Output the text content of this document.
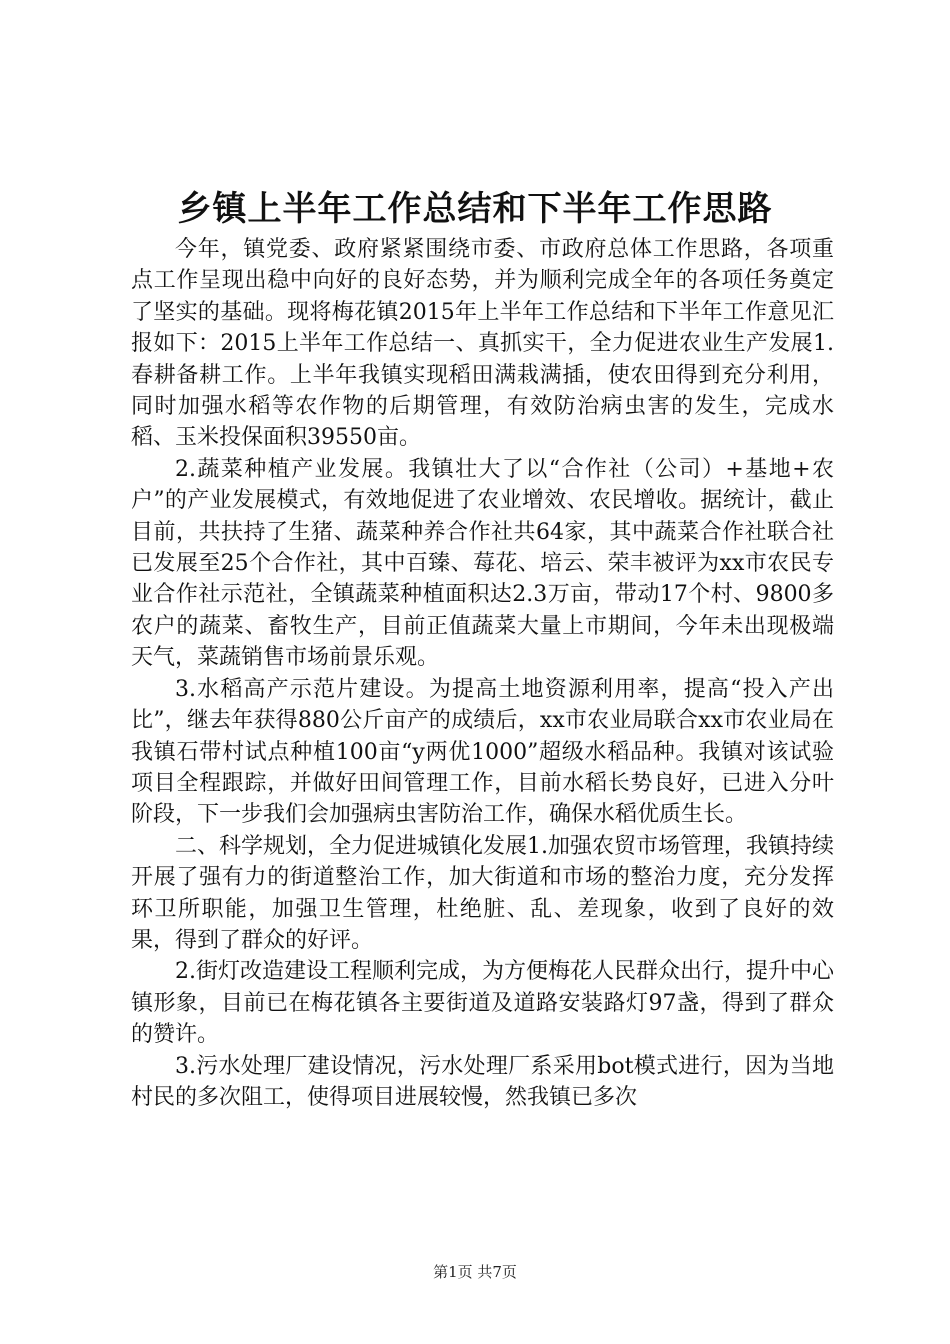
乡镇上半年工作总结和下半年工作思路

今年，镇党委、政府紧紧围绕市委、市政府总体工作思路，各项重点工作呈现出稳中向好的良好态势，并为顺利完成全年的各项任务奠定了坚实的基础。现将梅花镇2015年上半年工作总结和下半年工作意见汇报如下：2015上半年工作总结一、真抓实干，全力促进农业生产发展1.春耕备耕工作。上半年我镇实现稻田满栽满插，使农田得到充分利用，同时加强水稻等农作物的后期管理，有效防治病虫害的发生，完成水稻、玉米投保面积39550亩。

2.蔬菜种植产业发展。我镇壮大了以“合作社（公司）+基地+农户”的产业发展模式，有效地促进了农业增效、农民增收。据统计，截止目前，共扶持了生猪、蔬菜种养合作社共64家，其中蔬菜合作社联合社已发展至25个合作社，其中百臻、莓花、培云、荣丰被评为xx市农民专业合作社示范社，全镇蔬菜种植面积达2.3万亩，带动17个村、9800多农户的蔬菜、畜牧生产，目前正值蔬菜大量上市期间，今年未出现极端天气，菜蔬销售市场前景乐观。

3.水稻高产示范片建设。为提高土地资源利用率，提高“投入产出比”，继去年获得880公斤亩产的成绩后，xx市农业局联合xx市农业局在我镇石带村试点种植100亩“y两优1000”超级水稻品种。我镇对该试验项目全程跟踪，并做好田间管理工作，目前水稻长势良好，已进入分叶阶段，下一步我们会加强病虫害防治工作，确保水稻优质生长。

二、科学规划，全力促进城镇化发展1.加强农贸市场管理，我镇持续开展了强有力的街道整治工作，加大街道和市场的整治力度，充分发挥环卫所职能，加强卫生管理，杜绝脏、乱、差现象，收到了良好的效果，得到了群众的好评。

2.街灯改造建设工程顺利完成，为方便梅花人民群众出行，提升中心镇形象，目前已在梅花镇各主要街道及道路安装路灯97盏，得到了群众的赞许。

3.污水处理厂建设情况，污水处理厂系采用bot模式进行，因为当地村民的多次阻工，使得项目进展较慢，然我镇已多次

第1页 共7页
